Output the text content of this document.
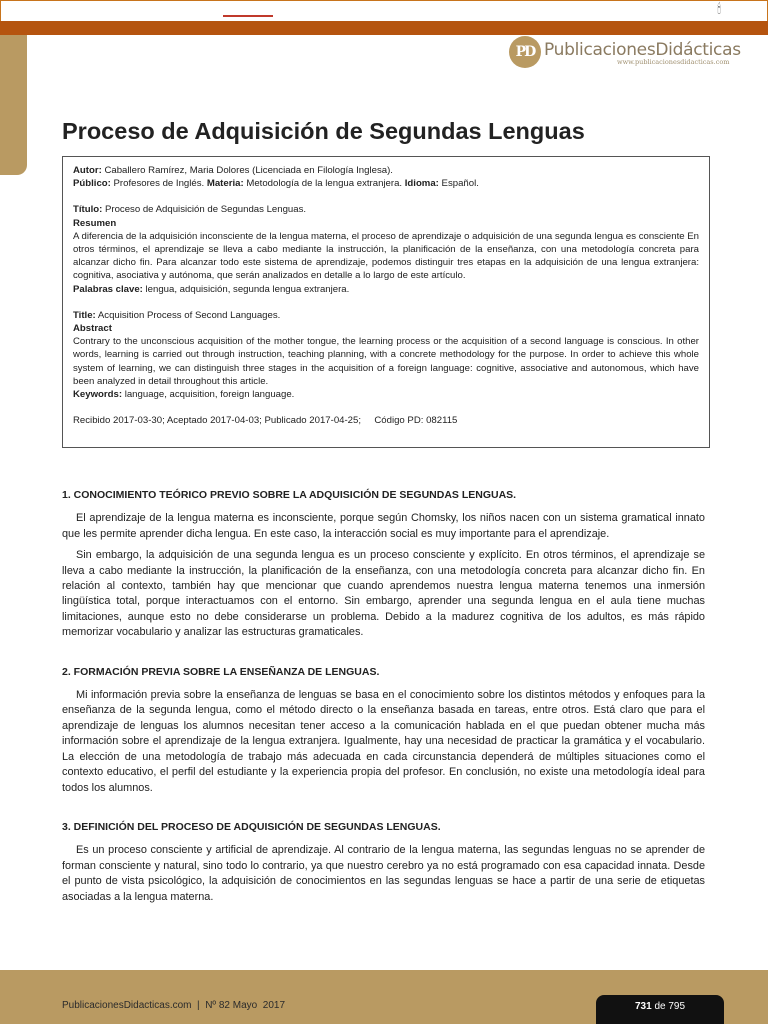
🕯
PD PublicacionesDidácticas
www.publicacionesdidacticas.com
Proceso de Adquisición de Segundas Lenguas

Autor: Caballero Ramírez, Maria Dolores (Licenciada en Filología Inglesa).

Público: Profesores de Inglés. Materia: Metodología de la lengua extranjera. Idioma: Español.

Título: Proceso de Adquisición de Segundas Lenguas.

Resumen

A diferencia de la adquisición inconsciente de la lengua materna, el proceso de aprendizaje o adquisición de una segunda lengua es consciente En otros términos, el aprendizaje se lleva a cabo mediante la instrucción, la planificación de la enseñanza, con una metodología concreta para alcanzar dicho fin. Para alcanzar todo este sistema de aprendizaje, podemos distinguir tres etapas en la adquisición de una lengua extranjera: cognitiva, asociativa y autónoma, que serán analizados en detalle a lo largo de este artículo.

Palabras clave: lengua, adquisición, segunda lengua extranjera.

Title: Acquisition Process of Second Languages.

Abstract

Contrary to the unconscious acquisition of the mother tongue, the learning process or the acquisition of a second language is conscious. In other words, learning is carried out through instruction, teaching planning, with a concrete methodology for the purpose. In order to achieve this whole system of learning, we can distinguish three stages in the acquisition of a foreign language: cognitive, associative and autonomous, which have been analyzed in detail throughout this article.

Keywords: language, acquisition, foreign language.

Recibido 2017-03-30; Aceptado 2017-04-03; Publicado 2017-04-25;     Código PD: 082115

1. CONOCIMIENTO TEÓRICO PREVIO SOBRE LA ADQUISICIÓN DE SEGUNDAS LENGUAS.

El aprendizaje de la lengua materna es inconsciente, porque según Chomsky, los niños nacen con un sistema gramatical innato que les permite aprender dicha lengua. En este caso, la interacción social es muy importante para el aprendizaje.

Sin embargo, la adquisición de una segunda lengua es un proceso consciente y explícito. En otros términos, el aprendizaje se lleva a cabo mediante la instrucción, la planificación de la enseñanza, con una metodología concreta para alcanzar dicho fin. En relación al contexto, también hay que mencionar que cuando aprendemos nuestra lengua materna tenemos una inmersión lingüística total, porque interactuamos con el entorno. Sin embargo, aprender una segunda lengua en el aula tiene muchas limitaciones, aunque esto no debe considerarse un problema. Debido a la madurez cognitiva de los adultos, es más rápido memorizar vocabulario y analizar las estructuras gramaticales.

2. FORMACIÓN PREVIA SOBRE LA ENSEÑANZA DE LENGUAS.

Mi información previa sobre la enseñanza de lenguas se basa en el conocimiento sobre los distintos métodos y enfoques para la enseñanza de la segunda lengua, como el método directo o la enseñanza basada en tareas, entre otros. Está claro que para el aprendizaje de lenguas los alumnos necesitan tener acceso a la comunicación hablada en el que puedan obtener mucha más información sobre el aprendizaje de la lengua extranjera. Igualmente, hay una necesidad de practicar la gramática y el vocabulario. La elección de una metodología de trabajo más adecuada en cada circunstancia dependerá de múltiples situaciones como el contexto educativo, el perfil del estudiante y la experiencia propia del profesor. En conclusión, no existe una metodología ideal para todos los alumnos.

3. DEFINICIÓN DEL PROCESO DE ADQUISICIÓN DE SEGUNDAS LENGUAS.

Es un proceso consciente y artificial de aprendizaje. Al contrario de la lengua materna, las segundas lenguas no se aprender de forman consciente y natural, sino todo lo contrario, ya que nuestro cerebro ya no está programado con esa capacidad innata. Desde el punto de vista psicológico, la adquisición de conocimientos en las segundas lenguas se hace a partir de una serie de etiquetas asociadas a la lengua materna.

PublicacionesDidacticas.com  |  Nº 82 Mayo  2017	731 de 795
